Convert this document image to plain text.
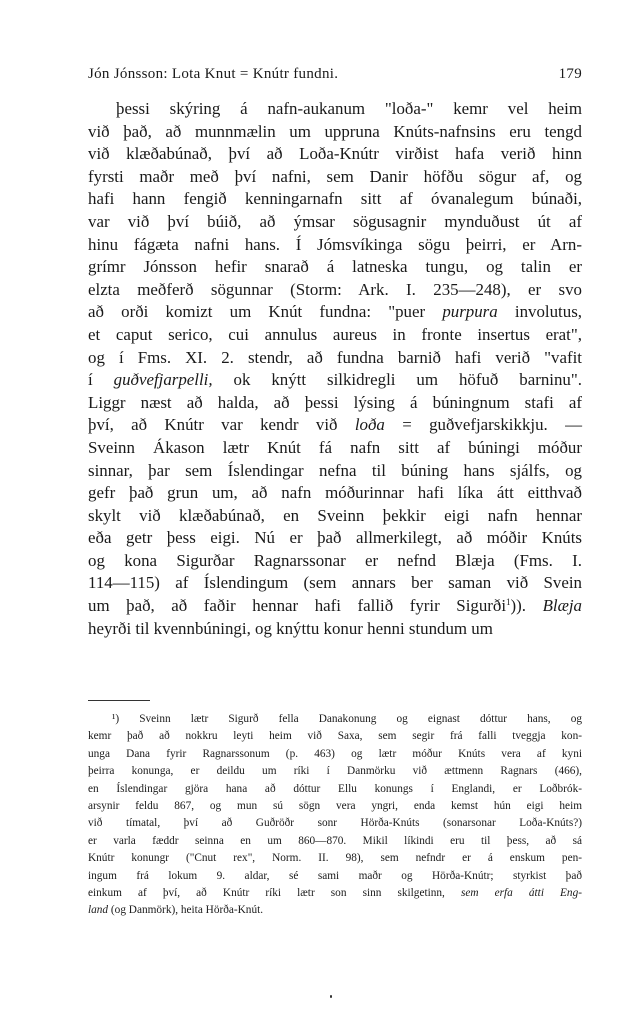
Jón Jónsson: Lota Knut = Knútr fundni.	179
þessi skýring á nafn-aukanum "loða-" kemr vel heim
við það, að munnmælin um uppruna Knúts-nafnsins eru tengd
við klæðabúnað, því að Loða-Knútr virðist hafa verið hinn
fyrsti maðr með því nafni, sem Danir höfðu sögur af, og
hafi hann fengið kenningarnafn sitt af óvanalegum búnaði,
var við því búið, að ýmsar sögusagnir mynduðust út af
hinu fágæta nafni hans. Í Jómsvíkinga sögu þeirri, er Arn-
grímr Jónsson hefir snarað á latneska tungu, og talin er
elzta meðferð sögunnar (Storm: Ark. I. 235—248), er svo
að orði komizt um Knút fundna: "puer purpura involutus,
et caput serico, cui annulus aureus in fronte insertus erat",
og í Fms. XI. 2. stendr, að fundna barnið hafi verið "vafit
í guðvefjarpelli, ok knýtt silkidregli um höfuð barninu".
Liggr næst að halda, að þessi lýsing á búningnum stafi af
því, að Knútr var kendr við loða = guðvefjarskikkju. —
Sveinn Ákason lætr Knút fá nafn sitt af búningi móður
sinnar, þar sem Íslendingar nefna til búning hans sjálfs, og
gefr það grun um, að nafn móðurinnar hafi líka átt eitthvað
skylt við klæðabúnað, en Sveinn þekkir eigi nafn hennar
eða getr þess eigi. Nú er það allmerkilegt, að móðir Knúts
og kona Sigurðar Ragnarssonar er nefnd Blæja (Fms. I.
114—115) af Íslendingum (sem annars ber saman við Svein
um það, að faðir hennar hafi fallið fyrir Sigurði$^1$)). Blæja
heyrði til kvennbúningi, og knýttu konur henni stundum um
¹) Sveinn lætr Sigurð fella Danakonung og eignast dóttur hans, og
kemr það að nokkru leyti heim við Saxa, sem segir frá falli tveggja kon-
unga Dana fyrir Ragnarssonum (p. 463) og lætr móður Knúts vera af kyni
þeirra konunga, er deildu um ríki í Danmörku við ættmenn Ragnars (466),
en Íslendingar gjöra hana að dóttur Ellu konungs í Englandi, er Loðbrók-
arsynir feldu 867, og mun sú sögn vera yngri, enda kemst hún eigi heim
við tímatal, því að Guðröðr sonr Hörða-Knúts (sonarsonar Loða-Knúts?)
er varla fæddr seinna en um 860—870. Mikil líkindi eru til þess, að sá
Knútr konungr ("Cnut rex", Norm. II. 98), sem nefndr er á enskum pen-
ingum frá lokum 9. aldar, sé sami maðr og Hörða-Knútr; styrkist það
einkum af því, að Knútr ríki lætr son sinn skilgetinn, sem erfa átti Eng-
land (og Danmörk), heita Hörða-Knút.
